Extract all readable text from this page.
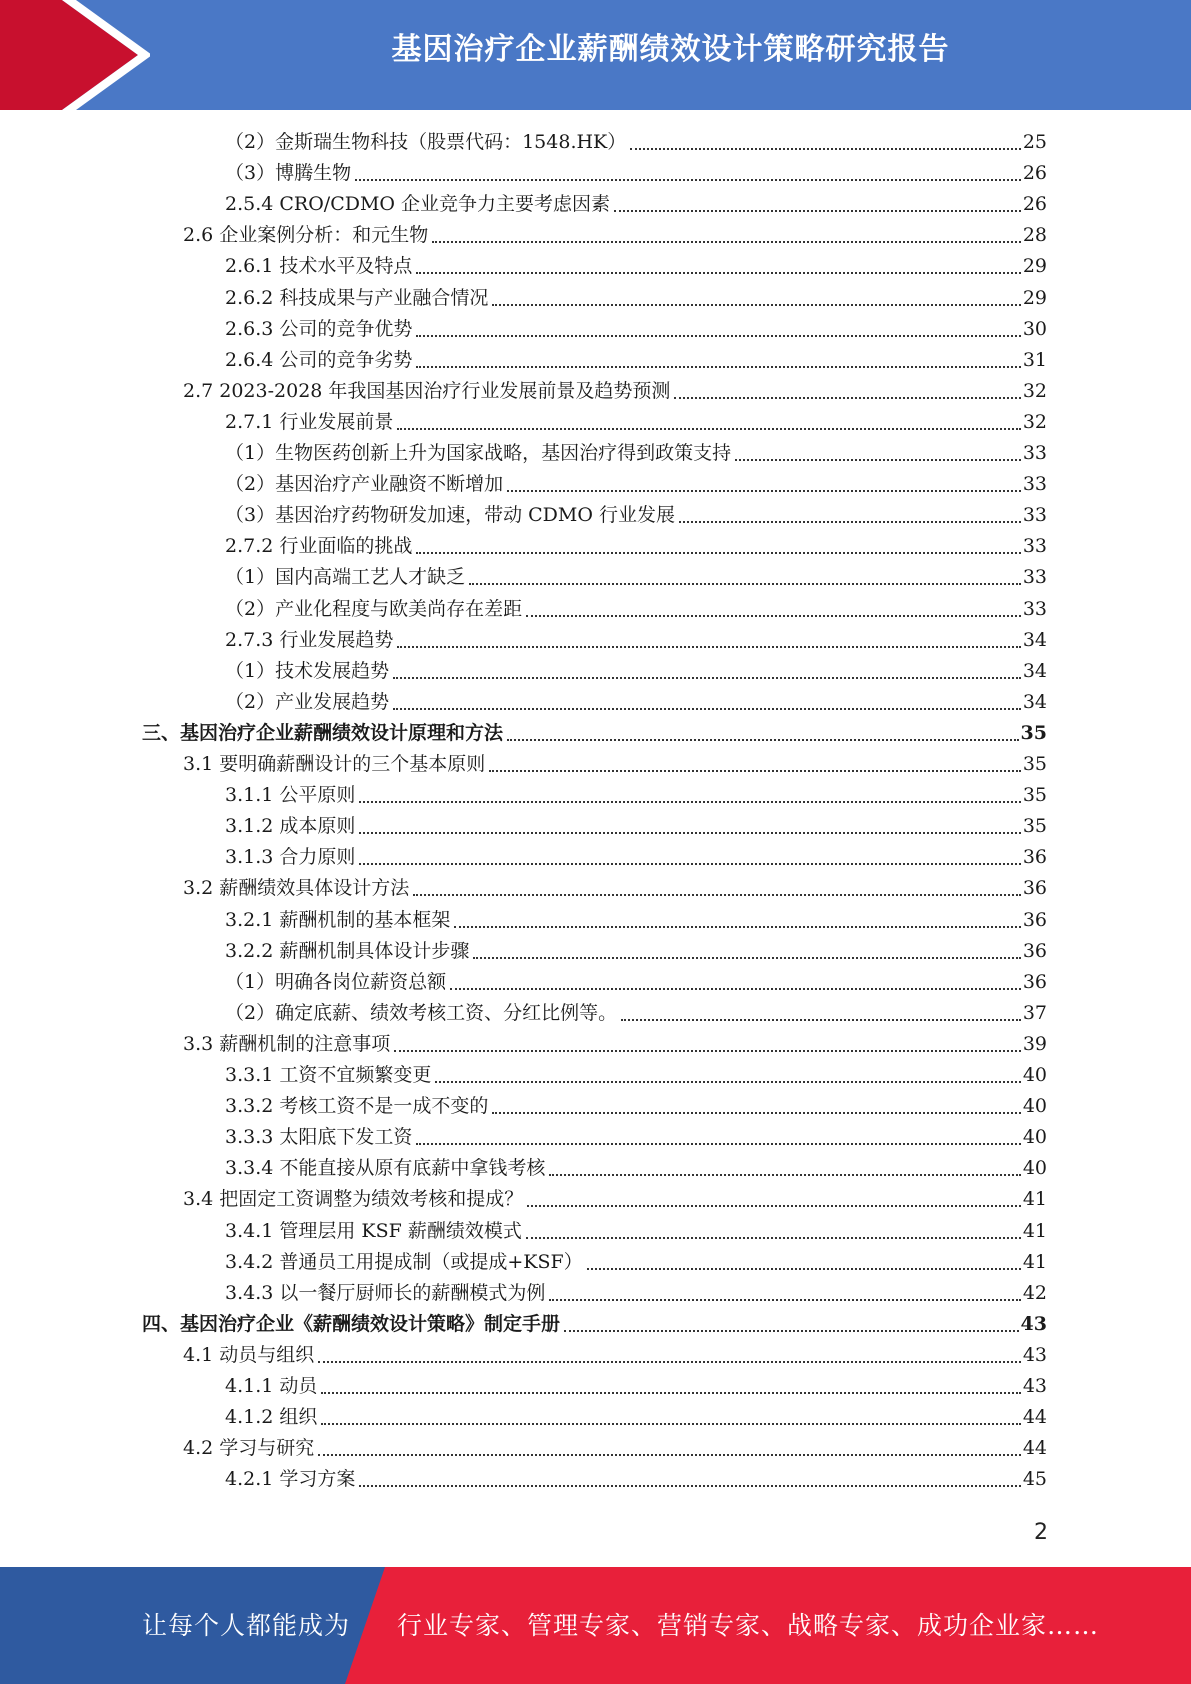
基因治疗企业薪酬绩效设计策略研究报告
（2）金斯瑞生物科技（股票代码：1548.HK）	25
（3）博腾生物	26
2.5.4 CRO/CDMO 企业竞争力主要考虑因素	26
2.6 企业案例分析：和元生物	28
2.6.1 技术水平及特点	29
2.6.2 科技成果与产业融合情况	29
2.6.3 公司的竞争优势	30
2.6.4 公司的竞争劣势	31
2.7 2023-2028 年我国基因治疗行业发展前景及趋势预测	32
2.7.1 行业发展前景	32
（1）生物医药创新上升为国家战略，基因治疗得到政策支持	33
（2）基因治疗产业融资不断增加	33
（3）基因治疗药物研发加速，带动 CDMO 行业发展	33
2.7.2 行业面临的挑战	33
（1）国内高端工艺人才缺乏	33
（2）产业化程度与欧美尚存在差距	33
2.7.3 行业发展趋势	34
（1）技术发展趋势	34
（2）产业发展趋势	34
三、基因治疗企业薪酬绩效设计原理和方法	35
3.1 要明确薪酬设计的三个基本原则	35
3.1.1 公平原则	35
3.1.2 成本原则	35
3.1.3 合力原则	36
3.2 薪酬绩效具体设计方法	36
3.2.1 薪酬机制的基本框架	36
3.2.2 薪酬机制具体设计步骤	36
（1）明确各岗位薪资总额	36
（2）确定底薪、绩效考核工资、分红比例等。	37
3.3 薪酬机制的注意事项	39
3.3.1 工资不宜频繁变更	40
3.3.2 考核工资不是一成不变的	40
3.3.3 太阳底下发工资	40
3.3.4 不能直接从原有底薪中拿钱考核	40
3.4 把固定工资调整为绩效考核和提成？	41
3.4.1 管理层用 KSF 薪酬绩效模式	41
3.4.2 普通员工用提成制（或提成+KSF）	41
3.4.3 以一餐厅厨师长的薪酬模式为例	42
四、基因治疗企业《薪酬绩效设计策略》制定手册	43
4.1 动员与组织	43
4.1.1 动员	43
4.1.2 组织	44
4.2 学习与研究	44
4.2.1 学习方案	45
2
让每个人都能成为 行业专家、管理专家、营销专家、战略专家、成功企业家……
